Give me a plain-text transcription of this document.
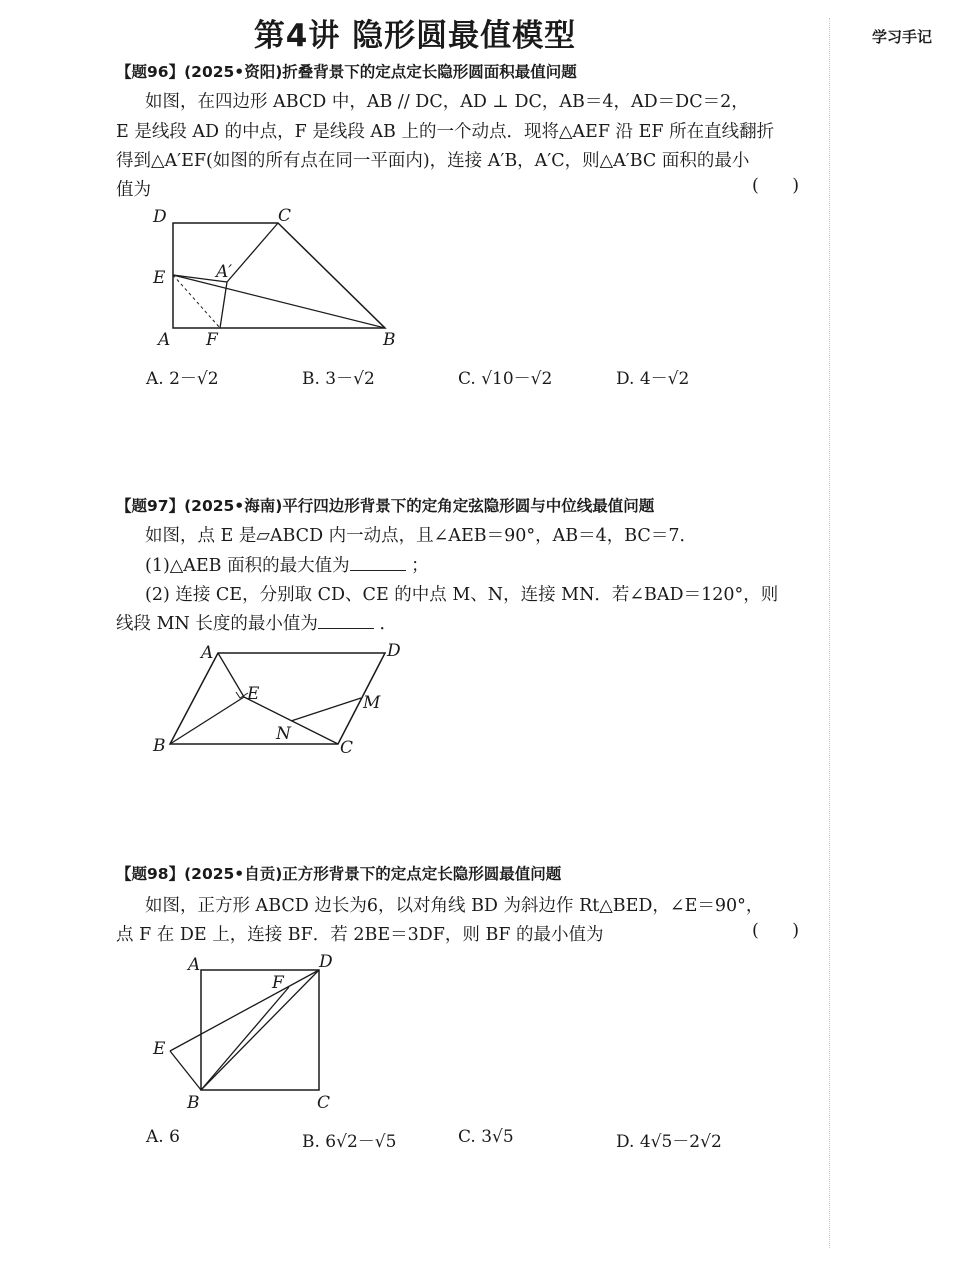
第4讲 隐形圆最值模型	学习手记
【题96】(2025•资阳)折叠背景下的定点定长隐形圆面积最值问题
如图，在四边形 ABCD 中，AB // DC，AD ⊥ DC，AB＝4，AD＝DC＝2，
E 是线段 AD 的中点，F 是线段 AB 上的一个动点．现将△AEF 沿 EF 所在直线翻折
得到△A′EF(如图的所有点在同一平面内)，连接 A′B，A′C，则△A′BC 面积的最小
值为	(      )
D	C
E	A′
A F	B
A. 2－√2	B. 3－√2	C. √10－√2	D. 4－√2
【题97】(2025•海南)平行四边形背景下的定角定弦隐形圆与中位线最值问题
如图，点 E 是▱ABCD 内一动点，且∠AEB＝90°，AB＝4，BC＝7．
(1)△AEB 面积的最大值为	；
(2) 连接 CE，分别取 CD、CE 的中点 M、N，连接 MN．若∠BAD＝120°，则
线段 MN 长度的最小值为	．
A	D
E	M
N
B	C
【题98】(2025•自贡)正方形背景下的定点定长隐形圆最值问题
如图，正方形 ABCD 边长为6，以对角线 BD 为斜边作 Rt△BED，∠E＝90°，
点 F 在 DE 上，连接 BF．若 2BE＝3DF，则 BF 的最小值为	(      )
A	D
F
E
B	C
A. 6	B. 6√2－√5	C. 3√5	D. 4√5－2√2
